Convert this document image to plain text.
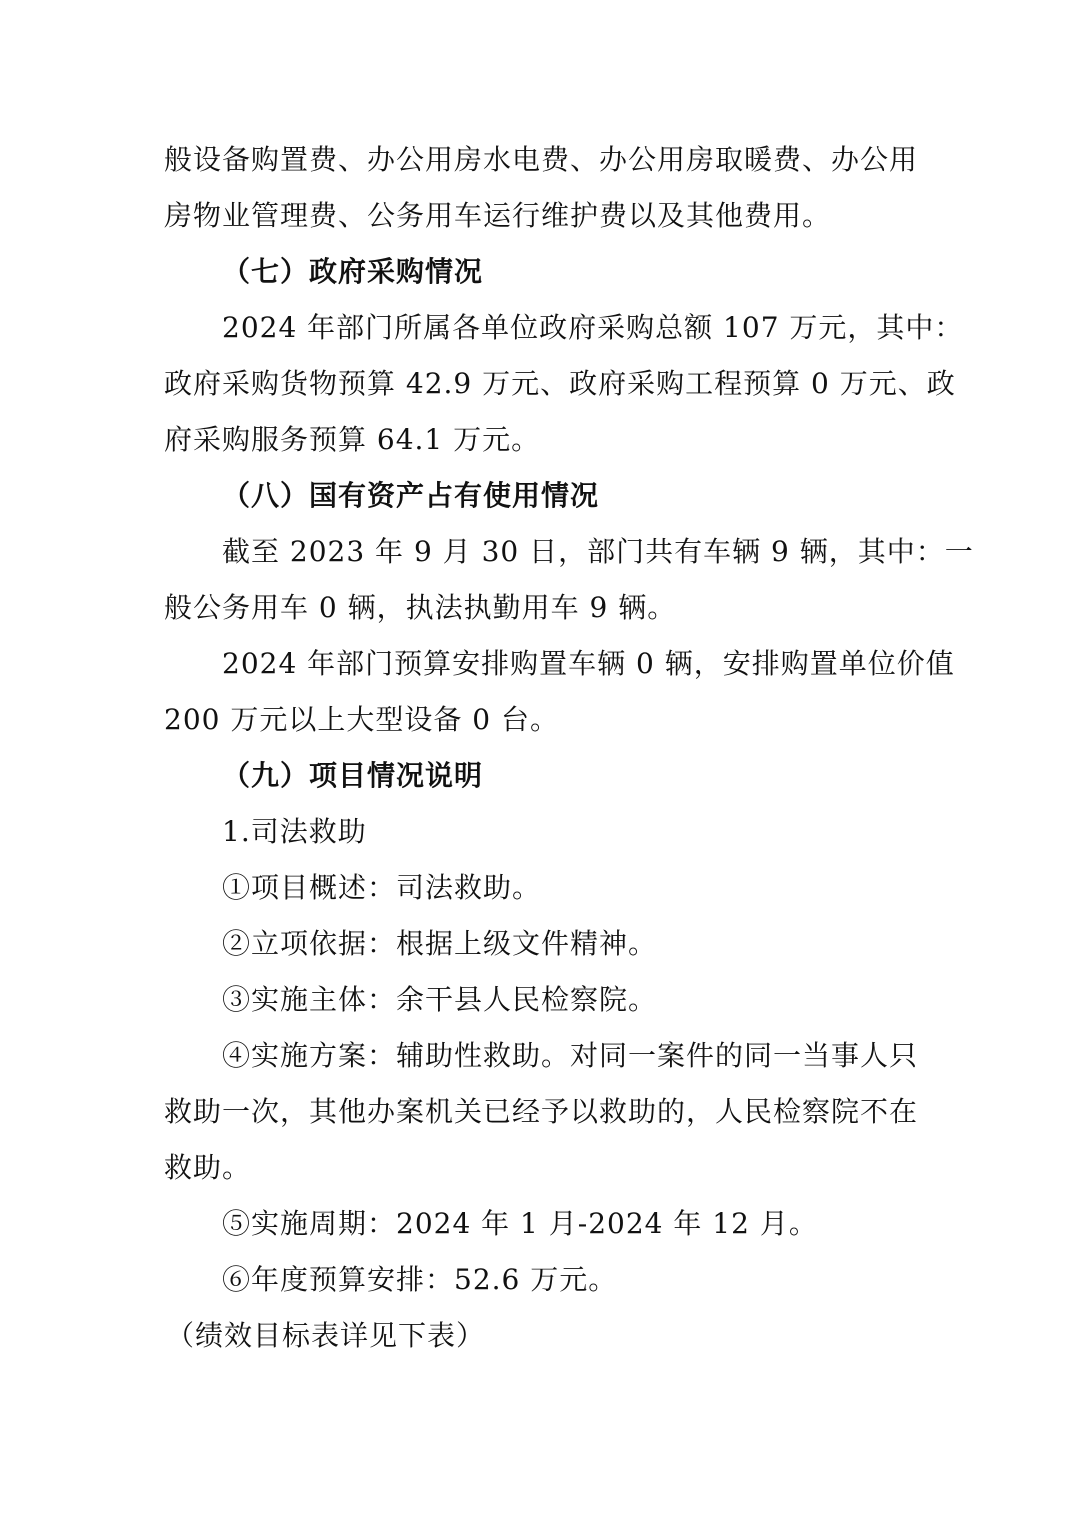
般设备购置费、办公用房水电费、办公用房取暖费、办公用
房物业管理费、公务用车运行维护费以及其他费用。
（七）政府采购情况
2024 年部门所属各单位政府采购总额 107 万元，其中：
政府采购货物预算 42.9 万元、政府采购工程预算 0 万元、政
府采购服务预算 64.1 万元。
（八）国有资产占有使用情况
截至 2023 年 9 月 30 日，部门共有车辆 9 辆，其中：一
般公务用车 0 辆，执法执勤用车 9 辆。
2024 年部门预算安排购置车辆 0 辆，安排购置单位价值
200 万元以上大型设备 0 台。
（九）项目情况说明
1.司法救助
①项目概述：司法救助。
②立项依据：根据上级文件精神。
③实施主体：余干县人民检察院。
④实施方案：辅助性救助。对同一案件的同一当事人只
救助一次，其他办案机关已经予以救助的，人民检察院不在
救助。
⑤实施周期：2024 年 1 月-2024 年 12 月。
⑥年度预算安排：52.6 万元。
（绩效目标表详见下表）
